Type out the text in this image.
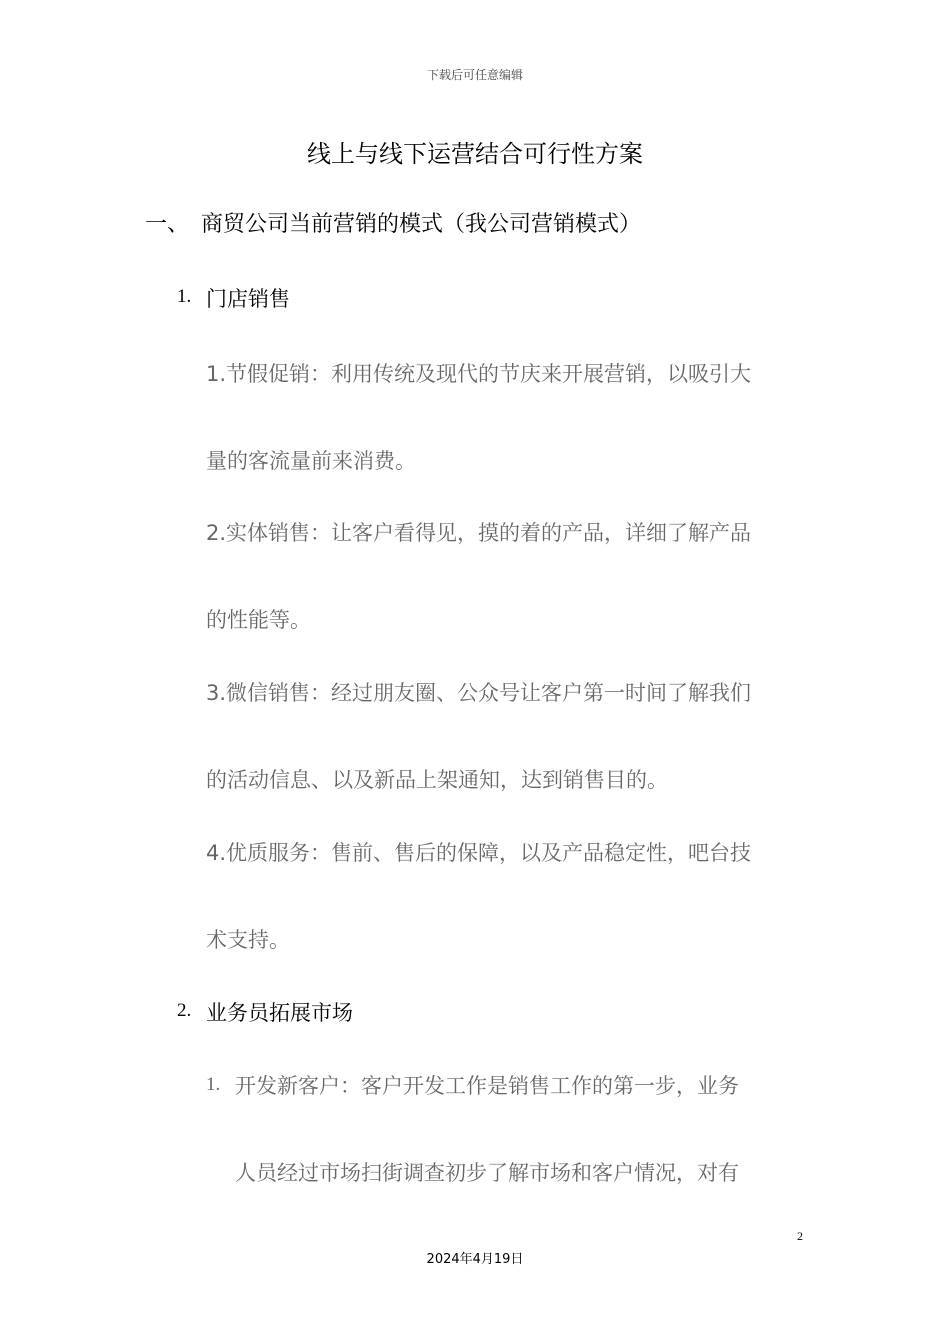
下载后可任意编辑
线上与线下运营结合可行性方案
一、 商贸公司当前营销的模式（我公司营销模式）
1. 门店销售
1.节假促销：利用传统及现代的节庆来开展营销，以吸引大
量的客流量前来消费。
2.实体销售：让客户看得见，摸的着的产品，详细了解产品
的性能等。
3.微信销售：经过朋友圈、公众号让客户第一时间了解我们
的活动信息、以及新品上架通知，达到销售目的。
4.优质服务：售前、售后的保障，以及产品稳定性，吧台技
术支持。
2. 业务员拓展市场
1. 开发新客户：客户开发工作是销售工作的第一步，业务
人员经过市场扫街调查初步了解市场和客户情况，对有
2
2024年4月19日
